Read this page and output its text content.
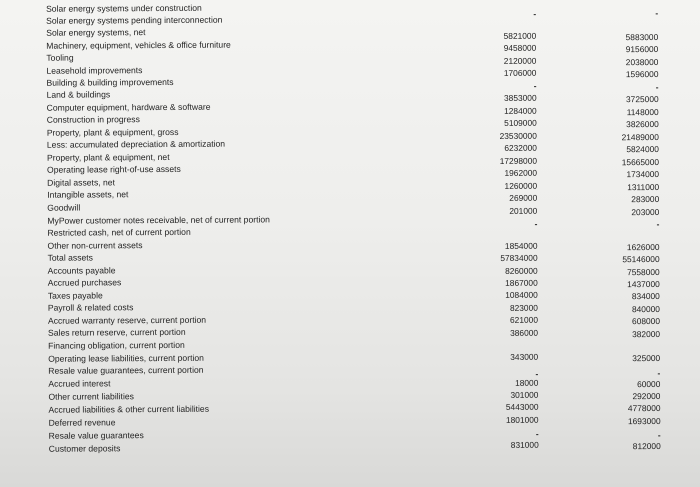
Solar energy systems under construction
Solar energy systems pending interconnection
Solar energy systems, net
Machinery, equipment, vehicles & office furniture
Tooling
Leasehold improvements
Building & building improvements
Land & buildings
Computer equipment, hardware & software
Construction in progress
Property, plant & equipment, gross
Less: accumulated depreciation & amortization
Property, plant & equipment, net
Operating lease right-of-use assets
Digital assets, net
Intangible assets, net
Goodwill
MyPower customer notes receivable, net of current portion
Restricted cash, net of current portion
Other non-current assets
Total assets
Accounts payable
Accrued purchases
Taxes payable
Payroll & related costs
Accrued warranty reserve, current portion
Sales return reserve, current portion
Financing obligation, current portion
Operating lease liabilities, current portion
Resale value guarantees, current portion
Accrued interest
Other current liabilities
Accrued liabilities & other current liabilities
Deferred revenue
Resale value guarantees
Customer deposits
-
5821000
9458000
2120000
1706000
-
3853000
1284000
5109000
23530000
6232000
17298000
1962000
1260000
269000
201000
-
1854000
57834000
8260000
1867000
1084000
823000
621000
386000
343000
-
18000
301000
5443000
1801000
-
831000
-
5883000
9156000
2038000
1596000
-
3725000
1148000
3826000
21489000
5824000
15665000
1734000
1311000
283000
203000
-
1626000
55146000
7558000
1437000
834000
840000
608000
382000
325000
-
60000
292000
4778000
1693000
-
812000
